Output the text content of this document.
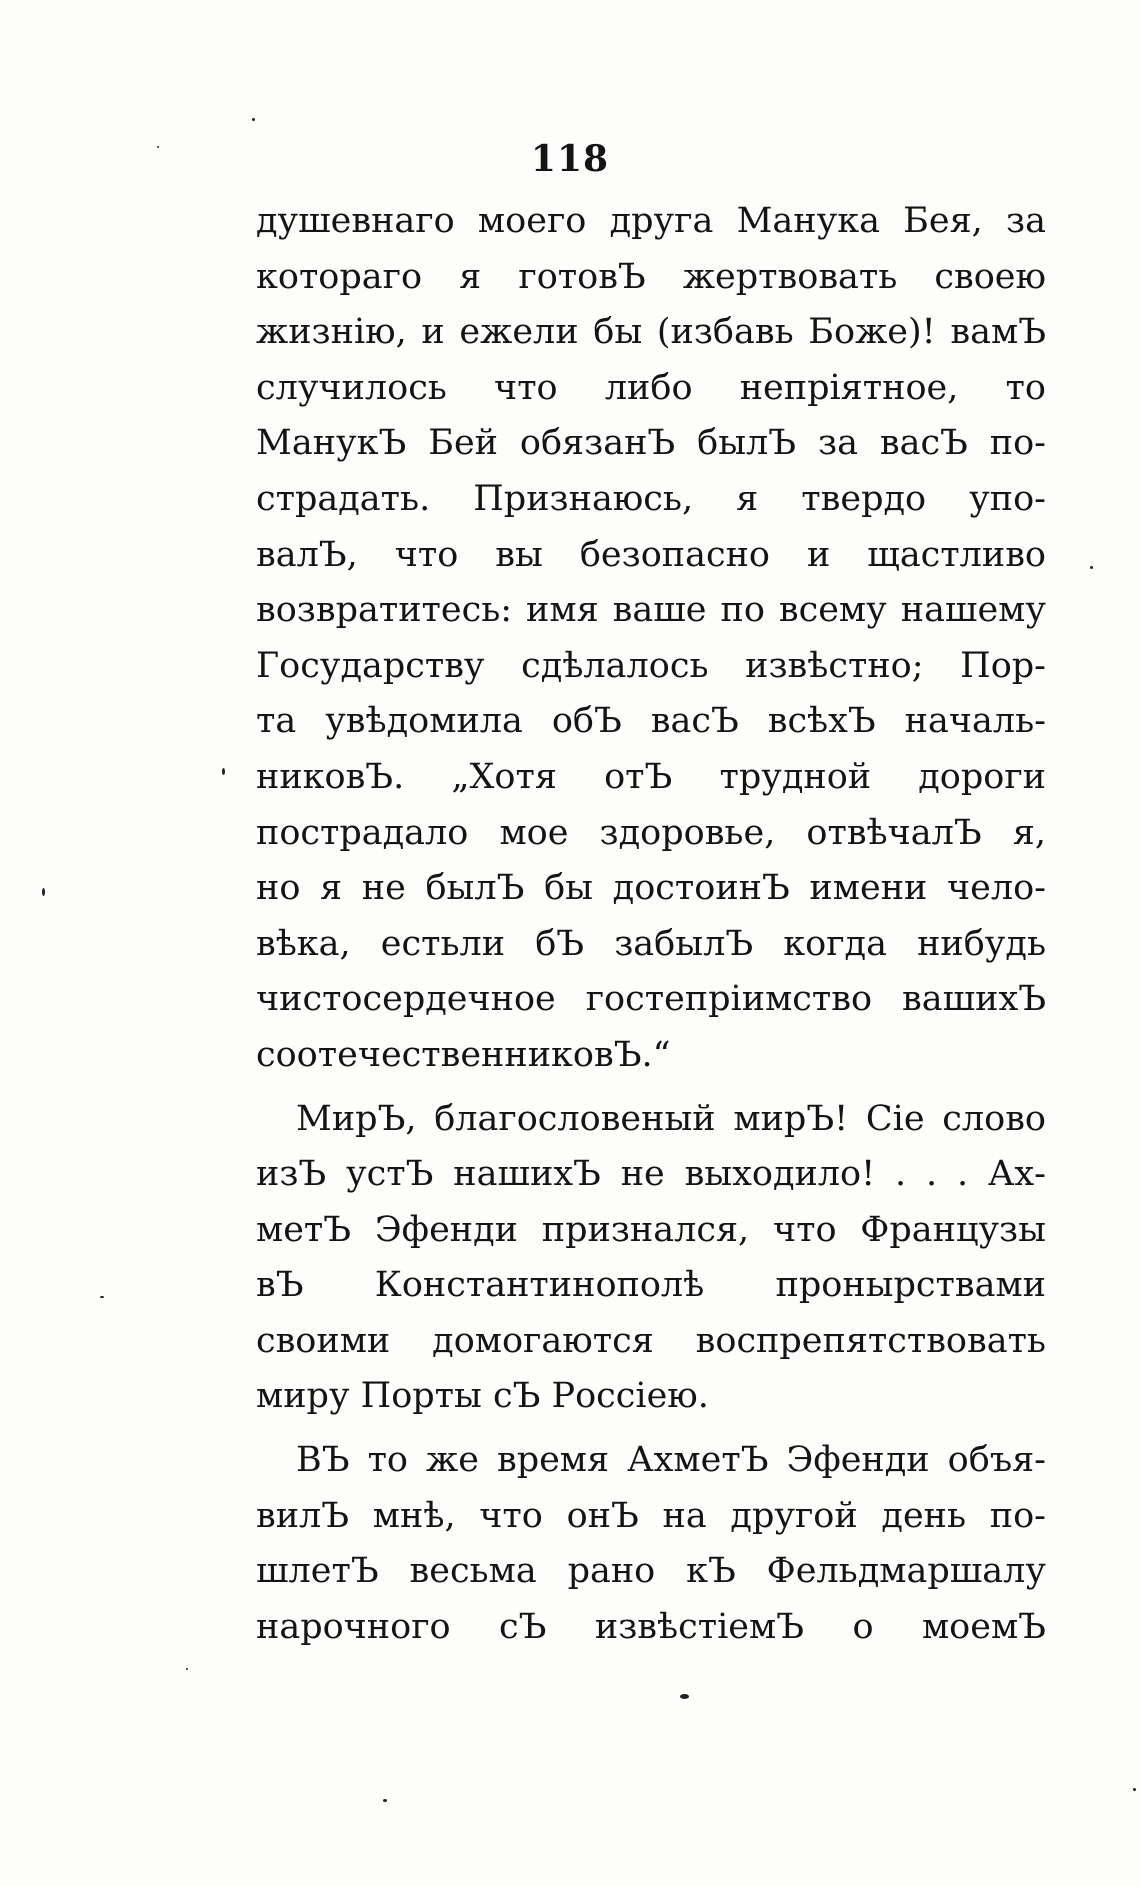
118
душевнаго моего друга Манука Бея, за
котораго я готовЪ жертвовать своею
жизнію, и ежели бы (избавь Боже)! вамЪ
случилось что либо непріятное, то
МанукЪ Бей обязанЪ былЪ за васЪ по-
страдать. Признаюсь, я твердо упо-
валЪ, что вы безопасно и щастливо
возвратитесь: имя ваше по всему нашему
Государству сдѣлалось извѣстно; Пор-
та увѣдомила обЪ васЪ всѣхЪ началь-
никовЪ. „Хотя отЪ трудной дороги
пострадало мое здоровье, отвѣчалЪ я,
но я не былЪ бы достоинЪ имени чело-
вѣка, естьли бЪ забылЪ когда нибудь
чистосердечное гостепріимство вашихЪ
соотечественниковЪ.“
МирЪ, благословеный мирЪ! Сіе слово
изЪ устЪ нашихЪ не выходило! . . . Ах-
метЪ Эфенди признался, что Французы
вЪ Константинополѣ пронырствами
своими домогаются воспрепятствовать
миру Порты сЪ Россіею.
ВЪ то же время АхметЪ Эфенди объя-
вилЪ мнѣ, что онЪ на другой день по-
шлетЪ весьма рано кЪ Фельдмаршалу
нарочного сЪ извѣстіемЪ о моемЪ
